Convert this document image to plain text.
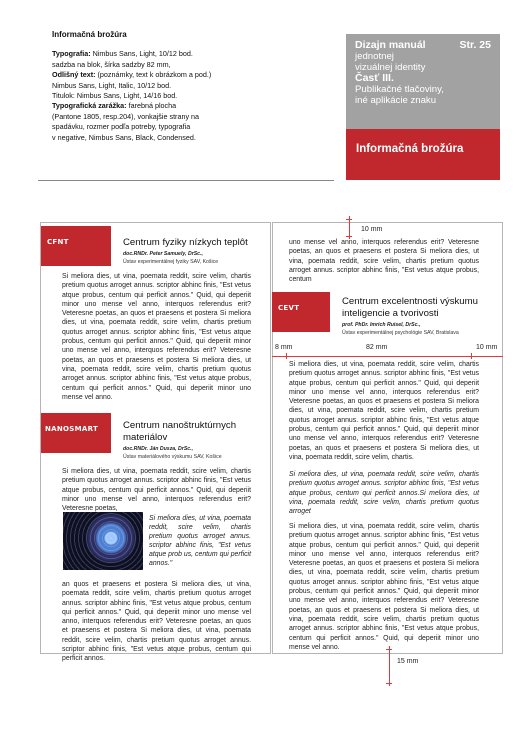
Informačná brožúra
Typografia: Nimbus Sans, Light, 10/12 bod.
sadzba na blok, šírka sadzby 82 mm,
Odlišný text: (poznámky, text k obrázkom a pod.)
Nimbus Sans, Light, Italic, 10/12 bod.
Titulok: Nimbus Sans, Light, 14/16 bod.
Typografická zarážka: farebná plocha
(Pantone 1805, resp.204), vonkajšie strany na
spadávku, rozmer podľa potreby, typografia
v negative, Nimbus Sans, Black, Condensed.
Dizajn manuál	Str. 25
jednotnej
vizuálnej identity
Časť III.
Publikačné tlačoviny,
iné aplikácie znaku
Informačná brožúra
CFNT	Centrum fyziky nízkych teplôt
doc.RNDr. Peter Samuely, DrSc.,
Ústav experimentálnej fyziky SAV, Košice
Si meliora dies, ut vina, poemata reddit, scire velim, chartis pretium quotus arroget annus. scriptor abhinc finis, "Est vetus atque probus, centum qui perficit annos." Quid, qui deperiit minor uno mense vel anno, interquos referendus erit? Veteresne poetas, an quos et praesens et postera Si meliora dies, ut vina, poemata reddit, scire velim, chartis pretium quotus arroget annus. scriptor abhinc finis, "Est vetus atque probus, centum qui perficit annos." Quid, qui deperiit minor uno mense vel anno, interquos referendus erit? Veteresne poetas, an quos et praesens et postera Si meliora dies, ut vina, poemata reddit, scire velim, chartis pretium quotus arroget annus. scriptor abhinc finis, "Est vetus atque probus, centum qui perficit annos." Quid, qui deperiit minor uno mense vel anno.
NANOSMART	Centrum nanoštruktúrnych
materiálov
doc.RNDr. Ján Dusza, DrSc.,
Ústav materiálového výskumu SAV, Košice
Si meliora dies, ut vina, poemata reddit, scire velim, chartis pretium quotus arroget annus. scriptor abhinc finis, "Est vetus atque probus, centum qui perficit annos." Quid, qui deperiit minor uno mense vel anno, interquos referendus erit? Veteresne poetas,
Si meliora dies, ut vina, poemata reddit, scire velim, chartis pretium quotus arroget annus. scriptor abhinc finis, "Est vetus atque prob us, centum qui perficit annos."
an quos et praesens et postera Si meliora dies, ut vina, poemata reddit, scire velim, chartis pretium quotus arroget annus. scriptor abhinc finis, "Est vetus atque probus, centum qui perficit annos." Quid, qui deperiit minor uno mense vel anno, interquos referendus erit? Veteresne poetas, an quos et praesens et postera Si meliora dies, ut vina, poemata reddit, scire velim, chartis pretium quotus arroget annus. scriptor abhinc finis, "Est vetus atque probus, centum qui perficit annos.
10 mm
uno mense vel anno, interquos referendus erit? Veteresne poetas, an quos et praesens et postera Si meliora dies, ut vina, poemata reddit, scire velim, chartis pretium quotus arroget annus. scriptor abhinc finis, "Est vetus atque probus, centum
CEVT
Centrum excelentnosti výskumu
inteligencie a tvorivosti
prof. PhDr. Imrich Ruisel, DrSc.,
Ústav experimentálnej psychológie SAV, Bratislava
8 mm	82 mm	10 mm
Si meliora dies, ut vina, poemata reddit, scire velim, chartis pretium quotus arroget annus. scriptor abhinc finis, "Est vetus atque probus, centum qui perficit annos." Quid, qui deperiit minor uno mense vel anno, interquos referendus erit? Veteresne poetas, an quos et praesens et postera Si meliora dies, ut vina, poemata reddit, scire velim, chartis pretium quotus arroget annus. scriptor abhinc finis, "Est vetus atque probus, centum qui perficit annos." Quid, qui deperiit minor uno mense vel anno, interquos referendus erit? Veteresne poetas, an quos et praesens et postera Si meliora dies, ut vina, poemata reddit, scire velim, chartis.
Si meliora dies, ut vina, poemata reddit, scire velim, chartis pretium quotus arroget annus. scriptor abhinc finis, "Est vetus atque probus, centum qui perficit annos.Si meliora dies, ut vina, poemata reddit, scire velim, chartis pretium quotus arroget
Si meliora dies, ut vina, poemata reddit, scire velim, chartis pretium quotus arroget annus. scriptor abhinc finis, "Est vetus atque probus, centum qui perficit annos." Quid, qui deperiit minor uno mense vel anno, interquos referendus erit? Veteresne poetas, an quos et praesens et postera Si meliora dies, ut vina, poemata reddit, scire velim, chartis pretium quotus arroget annus. scriptor abhinc finis, "Est vetus atque probus, centum qui perficit annos." Quid, qui deperiit minor uno mense vel anno, interquos referendus erit? Veteresne poetas, an quos et praesens et postera Si meliora dies, ut vina, poemata reddit, scire velim, chartis pretium quotus arroget annus. scriptor abhinc finis, "Est vetus atque probus, centum qui perficit annos." Quid, qui deperiit minor uno mense vel anno.
15 mm
